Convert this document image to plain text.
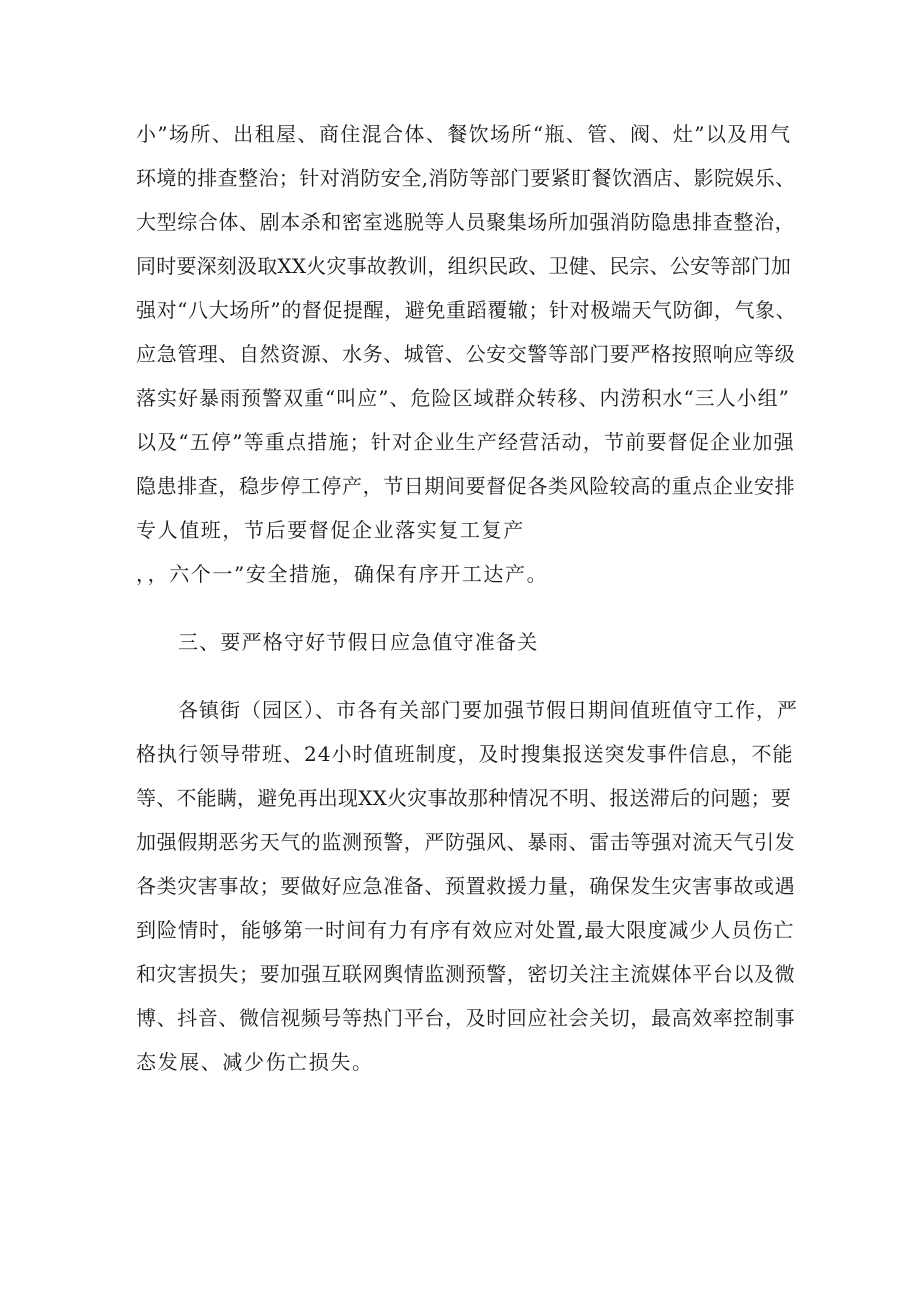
小”场所、出租屋、商住混合体、餐饮场所“瓶、管、阀、灶”以及用气
环境的排查整治；针对消防安全,消防等部门要紧盯餐饮酒店、影院娱乐、
大型综合体、剧本杀和密室逃脱等人员聚集场所加强消防隐患排查整治，
同时要深刻汲取XX火灾事故教训，组织民政、卫健、民宗、公安等部门加
强对“八大场所”的督促提醒，避免重蹈覆辙；针对极端天气防御，气象、
应急管理、自然资源、水务、城管、公安交警等部门要严格按照响应等级
落实好暴雨预警双重“叫应”、危险区域群众转移、内涝积水“三人小组”
以及“五停”等重点措施；针对企业生产经营活动，节前要督促企业加强
隐患排查，稳步停工停产，节日期间要督促各类风险较高的重点企业安排
专人值班，节后要督促企业落实复工复产
，，六个一”安全措施，确保有序开工达产。
三、要严格守好节假日应急值守准备关
各镇街（园区）、市各有关部门要加强节假日期间值班值守工作，严
格执行领导带班、24小时值班制度，及时搜集报送突发事件信息，不能
等、不能瞒，避免再出现XX火灾事故那种情况不明、报送滞后的问题；要
加强假期恶劣天气的监测预警，严防强风、暴雨、雷击等强对流天气引发
各类灾害事故；要做好应急准备、预置救援力量，确保发生灾害事故或遇
到险情时，能够第一时间有力有序有效应对处置,最大限度减少人员伤亡
和灾害损失；要加强互联网舆情监测预警，密切关注主流媒体平台以及微
博、抖音、微信视频号等热门平台，及时回应社会关切，最高效率控制事
态发展、减少伤亡损失。
